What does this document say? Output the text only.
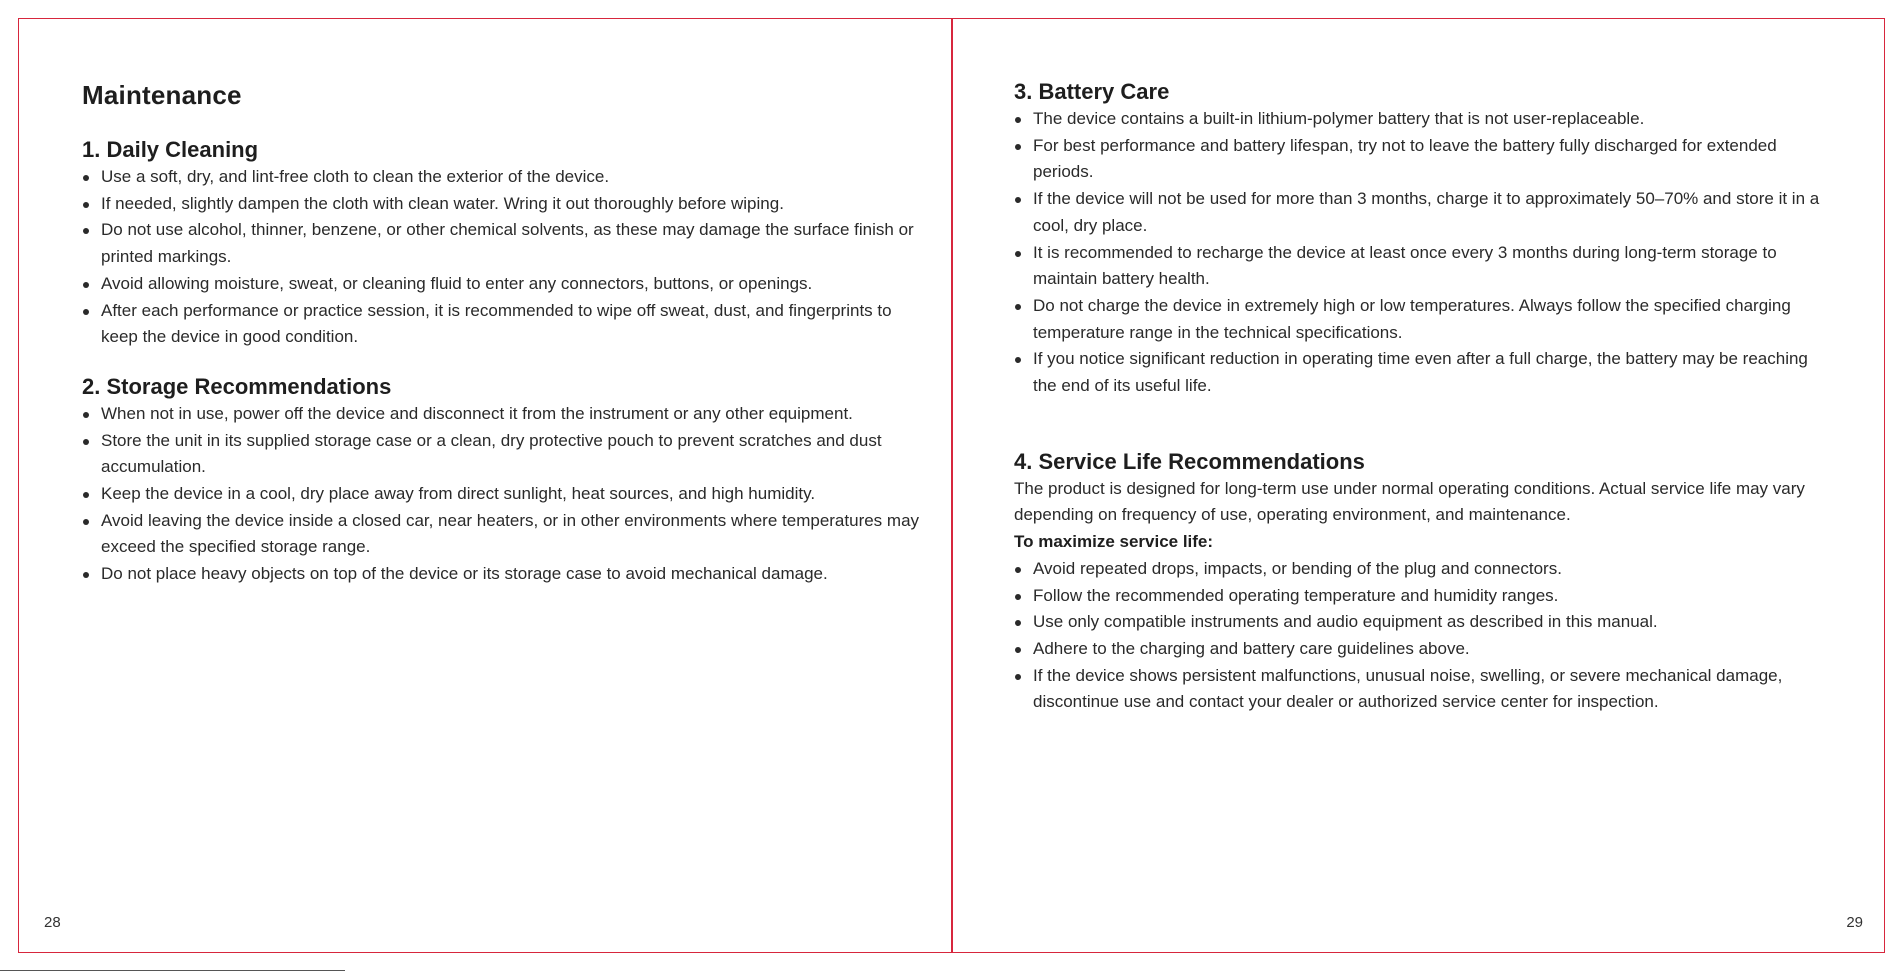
Maintenance
1. Daily Cleaning
Use a soft, dry, and lint-free cloth to clean the exterior of the device.
If needed, slightly dampen the cloth with clean water. Wring it out thoroughly before wiping.
Do not use alcohol, thinner, benzene, or other chemical solvents, as these may damage the surface finish or printed markings.
Avoid allowing moisture, sweat, or cleaning fluid to enter any connectors, buttons, or openings.
After each performance or practice session, it is recommended to wipe off sweat, dust, and fingerprints to keep the device in good condition.
2. Storage Recommendations
When not in use, power off the device and disconnect it from the instrument or any other equipment.
Store the unit in its supplied storage case or a clean, dry protective pouch to prevent scratches and dust accumulation.
Keep the device in a cool, dry place away from direct sunlight, heat sources, and high humidity.
Avoid leaving the device inside a closed car, near heaters, or in other environments where temperatures may exceed the specified storage range.
Do not place heavy objects on top of the device or its storage case to avoid mechanical damage.
28
3. Battery Care
The device contains a built-in lithium-polymer battery that is not user-replaceable.
For best performance and battery lifespan, try not to leave the battery fully discharged for extended periods.
If the device will not be used for more than 3 months, charge it to approximately 50–70% and store it in a cool, dry place.
It is recommended to recharge the device at least once every 3 months during long-term storage to maintain battery health.
Do not charge the device in extremely high or low temperatures. Always follow the specified charging temperature range in the technical specifications.
If you notice significant reduction in operating time even after a full charge, the battery may be reaching the end of its useful life.
4. Service Life Recommendations

The product is designed for long-term use under normal operating conditions. Actual service life may vary depending on frequency of use, operating environment, and maintenance.

To maximize service life:

Avoid repeated drops, impacts, or bending of the plug and connectors.
Follow the recommended operating temperature and humidity ranges.
Use only compatible instruments and audio equipment as described in this manual.
Adhere to the charging and battery care guidelines above.
If the device shows persistent malfunctions, unusual noise, swelling, or severe mechanical damage, discontinue use and contact your dealer or authorized service center for inspection.
29
